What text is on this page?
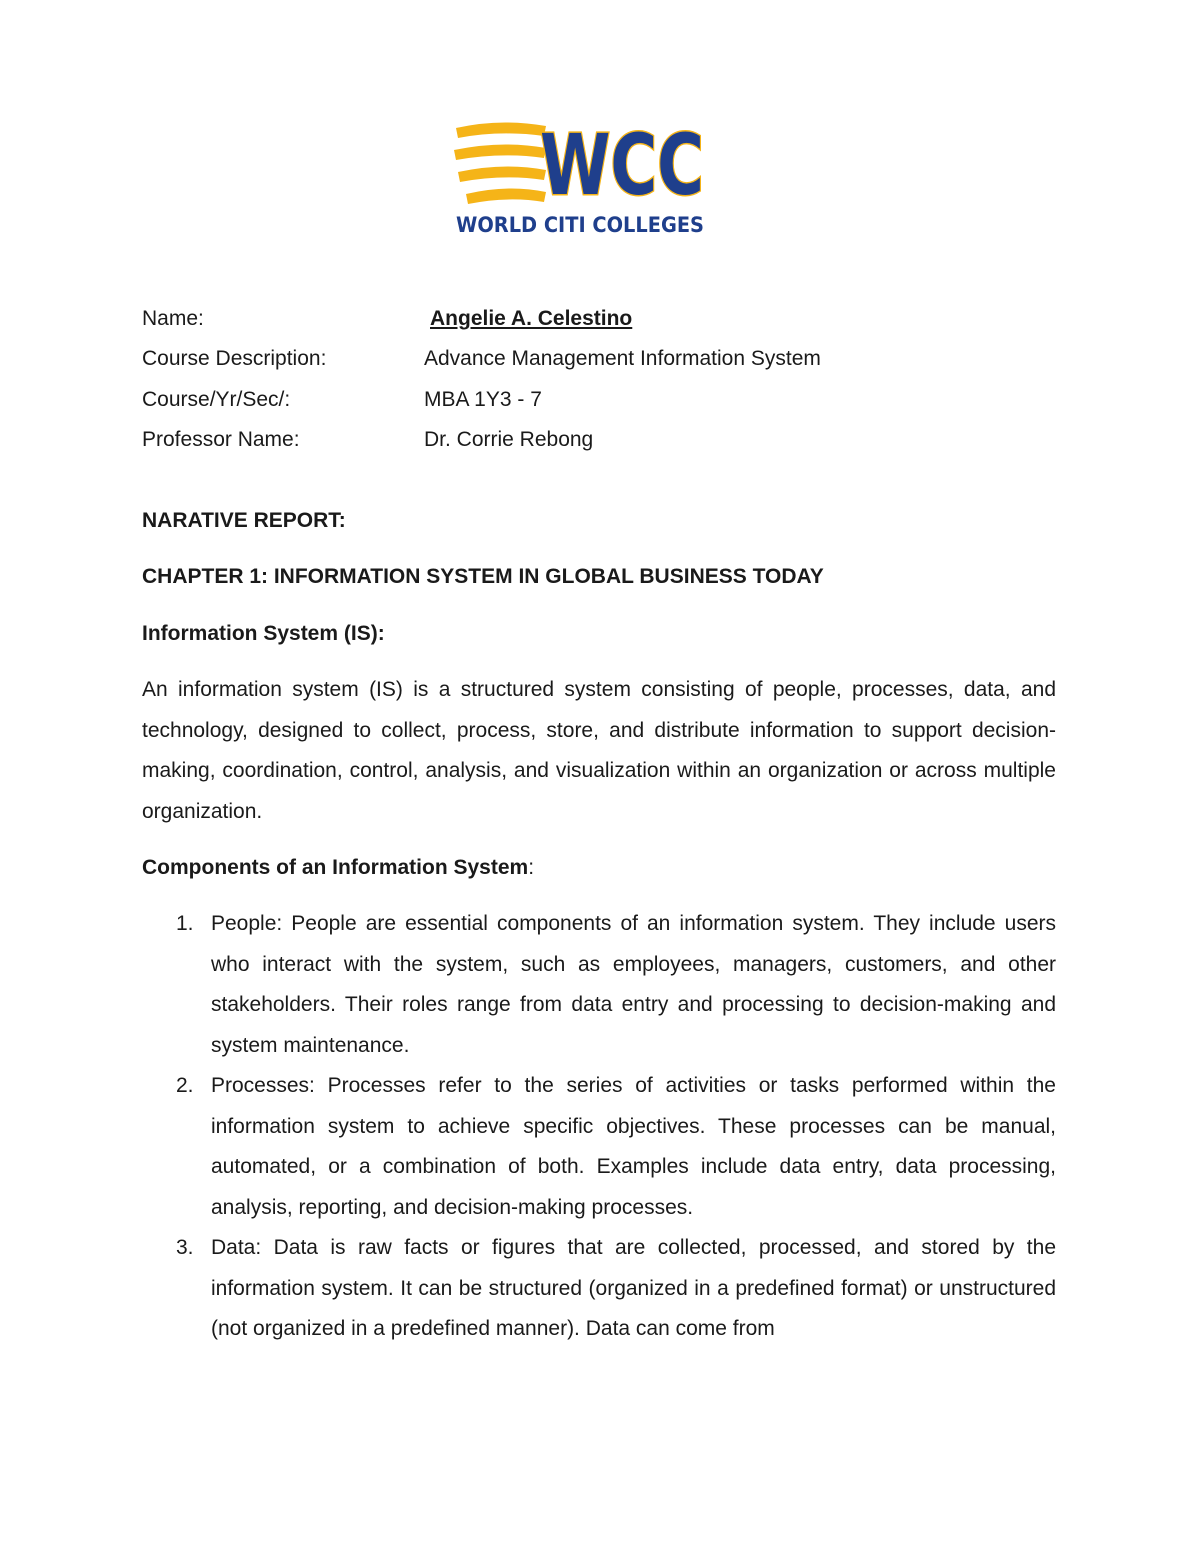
WCC
WORLD CITI COLLEGES
Name:	Angelie A. Celestino
Course Description:	Advance Management Information System
Course/Yr/Sec/:	MBA 1Y3 - 7
Professor Name:	Dr. Corrie Rebong
NARATIVE REPORT:
CHAPTER 1: INFORMATION SYSTEM IN GLOBAL BUSINESS TODAY
Information System (IS):

An information system (IS) is a structured system consisting of people, processes, data, and technology, designed to collect, process, store, and distribute information to support decision-making, coordination, control, analysis, and visualization within an organization or across multiple organization.

Components of an Information System:
1. People: People are essential components of an information system. They include users who interact with the system, such as employees, managers, customers, and other stakeholders. Their roles range from data entry and processing to decision-making and system maintenance.
2. Processes: Processes refer to the series of activities or tasks performed within the information system to achieve specific objectives. These processes can be manual, automated, or a combination of both. Examples include data entry, data processing, analysis, reporting, and decision-making processes.
3. Data: Data is raw facts or figures that are collected, processed, and stored by the information system. It can be structured (organized in a predefined format) or unstructured (not organized in a predefined manner). Data can come from
